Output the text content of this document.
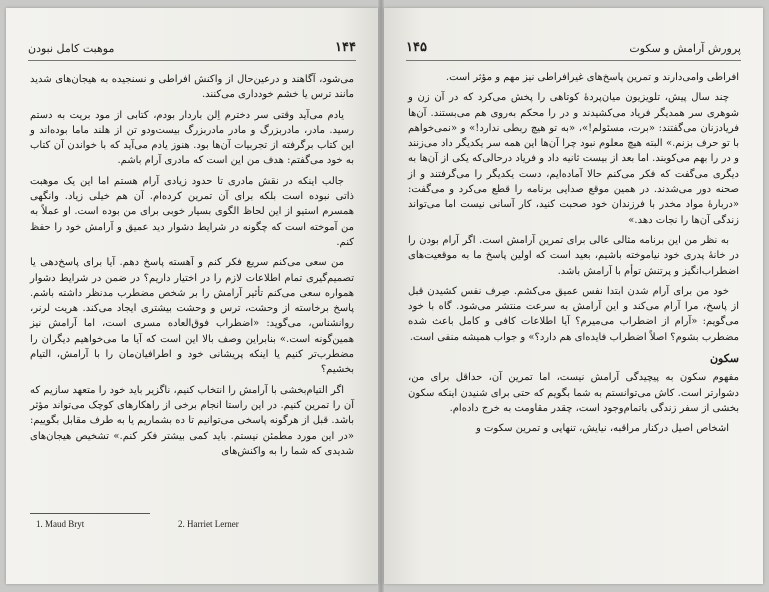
۱۴۴
موهبت کامل نبودن

می‌شود، آگاهند و درعین‌حال از واکنش افراطی و نسنجیده به هیجان‌های شدید مانند ترس یا خشم خودداری می‌کنند.

یادم می‌آید وقتی سر دخترم اِلن باردار بودم، کتابی از مود بریت به دستم رسید. مادر، مادربزرگ و مادر مادربزرگ بیست‌ودو تن از هلند ماما بوده‌اند و این کتاب برگرفته از تجربیات آن‌ها بود. هنوز یادم می‌آید که با خواندن آن کتاب به خود می‌گفتم: هدف من این است که مادری آرام باشم.

جالب اینکه در نقش مادری تا حدود زیادی آرام هستم اما این یک موهبت ذاتی نبوده است بلکه برای آن تمرین کرده‌ام. آن هم خیلی زیاد. وانگهی همسرم استیو از این لحاظ الگوی بسیار خوبی برای من بوده است. او عملاً به من آموخته است که چگونه در شرایط دشوار دید عمیق و آرامش خود را حفظ کنم.

من سعی می‌کنم سریع فکر کنم و آهسته پاسخ دهم. آیا برای پاسخ‌دهی یا تصمیم‌گیری تمام اطلاعات لازم را در اختیار داریم؟ در ضمن در شرایط دشوار همواره سعی می‌کنم تأثیر آرامش را بر شخص مضطرب مدنظر داشته باشم. پاسخ برخاسته از وحشت، ترس و وحشت بیشتری ایجاد می‌کند. هریت لرنر، روانشناس، می‌گوید: «اضطراب فوق‌العاده مسری است، اما آرامش نیز همین‌گونه است.» بنابراین وصف بالا این است که آیا ما می‌خواهیم دیگران را مضطرب‌تر کنیم یا اینکه پریشانی خود و اطرافیان‌مان را با آرامش، التیام بخشیم؟

اگر التیام‌بخشی با آرامش را انتخاب کنیم، ناگزیر باید خود را متعهد سازیم که آن را تمرین کنیم. در این راستا انجام برخی از راهکارهای کوچک می‌تواند مؤثر باشد. قبل از هرگونه پاسخی می‌توانیم تا ده بشماریم یا به طرف مقابل بگوییم: «در این مورد مطمئن نیستم. باید کمی بیشتر فکر کنم.» تشخیص هیجان‌های شدیدی که شما را به واکنش‌های

1. Maud Bryt	2. Harriet Lerner
۱۴۵	پرورش آرامش و سکوت

افراطی وامی‌دارند و تمرین پاسخ‌های غیرافراطی نیز مهم و مؤثر است.

چند سال پیش، تلویزیون میان‌پردهٔ کوتاهی را پخش می‌کرد که در آن زن و شوهری سر همدیگر فریاد می‌کشیدند و در را محکم به‌روی هم می‌بستند. آن‌ها فریادزنان می‌گفتند: «برت، مسئولم!»، «به تو هیچ ربطی ندارد!» و «نمی‌خواهم با تو حرف بزنم.» البته هیچ معلوم نبود چرا آن‌ها این همه سر یکدیگر داد می‌زنند و در را بهم می‌کوبند. اما بعد از بیست ثانیه داد و فریاد درحالی‌که یکی از آن‌ها به دیگری می‌گفت که فکر می‌کنم حالا آماده‌ایم، دست یکدیگر را می‌گرفتند و از صحنه دور می‌شدند. در همین موقع صدایی برنامه را قطع می‌کرد و می‌گفت: «دربارهٔ مواد مخدر با فرزندان خود صحبت کنید، کار آسانی نیست اما می‌تواند زندگی آن‌ها را نجات دهد.»

به نظر من این برنامه مثالی عالی برای تمرین آرامش است. اگر آرام بودن را در خانهٔ پدری خود نیاموخته باشیم، بعید است که اولین پاسخ ما به موقعیت‌های اضطراب‌انگیز و پرتنش توأم با آرامش باشد.

خود من برای آرام شدن ابتدا نفس عمیق می‌کشم. صِرف نفس کشیدن قبل از پاسخ، مرا آرام می‌کند و این آرامش به سرعت منتشر می‌شود. گاه با خود می‌گویم: «آرام از اضطراب می‌میرم؟ آیا اطلاعات کافی و کامل باعث شده مضطرب بشوم؟ اصلاً اضطراب فایده‌ای هم دارد؟» و جواب همیشه منفی است.

سکون

مفهوم سکون به پیچیدگی آرامش نیست، اما تمرین آن، حداقل برای من، دشوارتر است. کاش می‌توانستم به شما بگویم که حتی برای شنیدن اینکه سکون بخشی از سفر زندگی باتمام‌وجود است، چقدر مقاومت به خرج داده‌ام.

اشخاص اصیل درکنار مراقبه، نیایش، تنهایی و تمرین سکوت و
